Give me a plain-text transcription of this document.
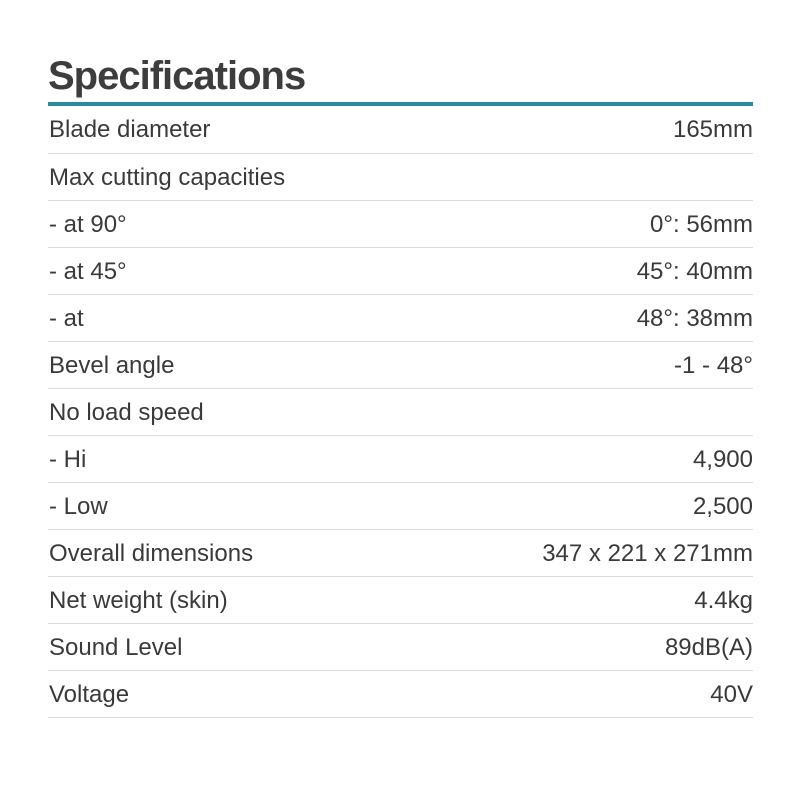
Specifications
Blade diameter	165mm
Max cutting capacities	
- at 90°	0°: 56mm
- at 45°	45°: 40mm
- at	48°: 38mm
Bevel angle	-1 - 48°
No load speed	
- Hi	4,900
- Low	2,500
Overall dimensions	347 x 221 x 271mm
Net weight (skin)	4.4kg
Sound Level	89dB(A)
Voltage	40V
